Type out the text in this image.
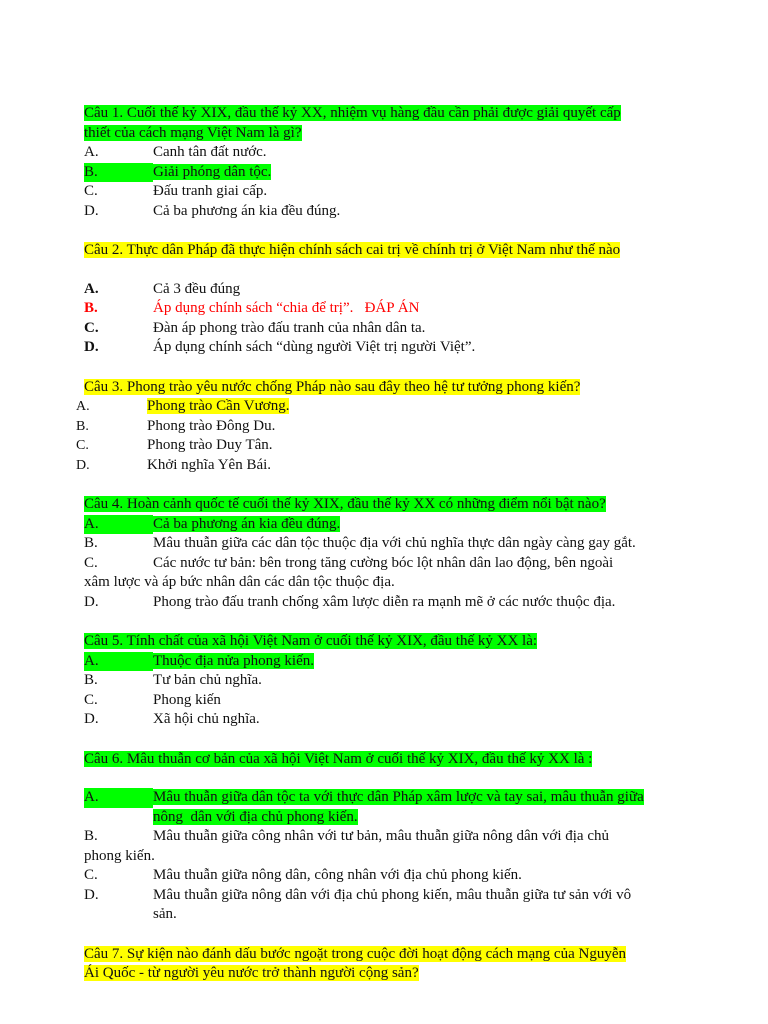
Câu 1. Cuối thế kỷ XIX, đầu thế kỷ XX, nhiệm vụ hàng đầu cần phải được giải quyết cấp
thiết của cách mạng Việt Nam là gì?
A.	Canh tân đất nước.
B.	Giải phóng dân tộc.
C.	Đấu tranh giai cấp.
D.	Cả ba phương án kia đều đúng.
Câu 2. Thực dân Pháp đã thực hiện chính sách cai trị về chính trị ở Việt Nam như thế nào
A.	Cả 3 đều đúng
B.	Áp dụng chính sách “chia để trị”.   ĐÁP ÁN
C.	Đàn áp phong trào đấu tranh của nhân dân ta.
D.	Áp dụng chính sách “dùng người Việt trị người Việt”.
Câu 3. Phong trào yêu nước chống Pháp nào sau đây theo hệ tư tưởng phong kiến?
A.	Phong trào Cần Vương.
B.	Phong trào Đông Du.
C.	Phong trào Duy Tân.
D.	Khởi nghĩa Yên Bái.
Câu 4. Hoàn cảnh quốc tế cuối thế kỷ XIX, đầu thế kỷ XX có những điểm nổi bật nào?
A.	Cả ba phương án kia đều đúng.
B.	Mâu thuẫn giữa các dân tộc thuộc địa với chủ nghĩa thực dân ngày càng gay gắt.
C.	Các nước tư bản: bên trong tăng cường bóc lột nhân dân lao động, bên ngoài
xâm lược và áp bức nhân dân các dân tộc thuộc địa.
D.	Phong trào đấu tranh chống xâm lược diễn ra mạnh mẽ ở các nước thuộc địa.
Câu 5. Tính chất của xã hội Việt Nam ở cuối thế kỷ XIX, đầu thế kỷ XX là:
A.	Thuộc địa nửa phong kiến.
B.	Tư bản chủ nghĩa.
C.	Phong kiến
D.	Xã hội chủ nghĩa.
Câu 6. Mâu thuẫn cơ bản của xã hội Việt Nam ở cuối thế kỷ XIX, đầu thế kỷ XX là :
A.	Mâu thuẫn giữa dân tộc ta với thực dân Pháp xâm lược và tay sai, mâu thuẫn giữa
nông  dân với địa chủ phong kiến.
B.	Mâu thuẫn giữa công nhân với tư bản, mâu thuẫn giữa nông dân với địa chủ
phong kiến.
C.	Mâu thuẫn giữa nông dân, công nhân với địa chủ phong kiến.
D.	Mâu thuẫn giữa nông dân với địa chủ phong kiến, mâu thuẫn giữa tư sản với vô
sản.
Câu 7. Sự kiện nào đánh dấu bước ngoặt trong cuộc đời hoạt động cách mạng của Nguyễn
Ái Quốc - từ người yêu nước trở thành người cộng sản?
